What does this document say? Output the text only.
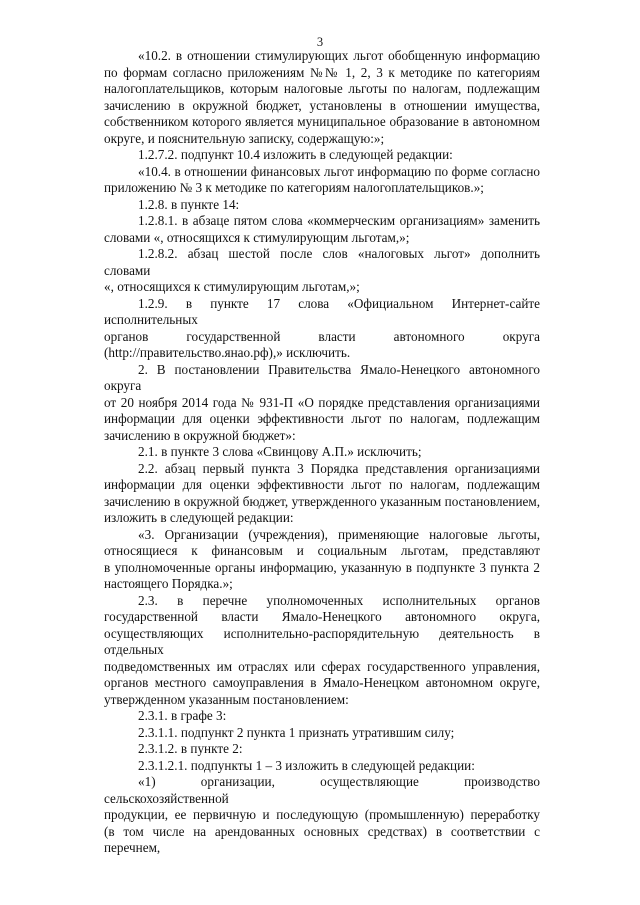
3
«10.2. в отношении стимулирующих льгот обобщенную информацию
по формам согласно приложениям №№ 1, 2, 3 к методике по категориям
налогоплательщиков, которым налоговые льготы по налогам, подлежащим
зачислению в окружной бюджет, установлены в отношении имущества,
собственником которого является муниципальное образование в автономном
округе, и пояснительную записку, содержащую:»;
1.2.7.2. подпункт 10.4 изложить в следующей редакции:
«10.4. в отношении финансовых льгот информацию по форме согласно
приложению № 3 к методике по категориям налогоплательщиков.»;
1.2.8. в пункте 14:
1.2.8.1. в абзаце пятом слова «коммерческим организациям» заменить
словами «, относящихся к стимулирующим льготам,»;
1.2.8.2. абзац шестой после слов «налоговых льгот» дополнить словами
«, относящихся к стимулирующим льготам,»;
1.2.9. в пункте 17 слова «Официальном Интернет-сайте исполнительных
органов государственной власти автономного округа
(http://правительство.янао.рф),» исключить.
2. В постановлении Правительства Ямало-Ненецкого автономного округа
от 20 ноября 2014 года № 931-П «О порядке представления организациями
информации для оценки эффективности льгот по налогам, подлежащим
зачислению в окружной бюджет»:
2.1. в пункте 3 слова «Свинцову А.П.» исключить;
2.2. абзац первый пункта 3 Порядка представления организациями
информации для оценки эффективности льгот по налогам, подлежащим
зачислению в окружной бюджет, утвержденного указанным постановлением,
изложить в следующей редакции:
«3. Организации (учреждения), применяющие налоговые льготы,
относящиеся к финансовым и социальным льготам, представляют
в уполномоченные органы информацию, указанную в подпункте 3 пункта 2
настоящего Порядка.»;
2.3. в перечне уполномоченных исполнительных органов
государственной власти Ямало-Ненецкого автономного округа,
осуществляющих исполнительно-распорядительную деятельность в отдельных
подведомственных им отраслях или сферах государственного управления,
органов местного самоуправления в Ямало-Ненецком автономном округе,
утвержденном указанным постановлением:
2.3.1. в графе 3:
2.3.1.1. подпункт 2 пункта 1 признать утратившим силу;
2.3.1.2. в пункте 2:
2.3.1.2.1. подпункты 1 – 3 изложить в следующей редакции:
«1) организации, осуществляющие производство сельскохозяйственной
продукции, ее первичную и последующую (промышленную) переработку
(в том числе на арендованных основных средствах) в соответствии с перечнем,
